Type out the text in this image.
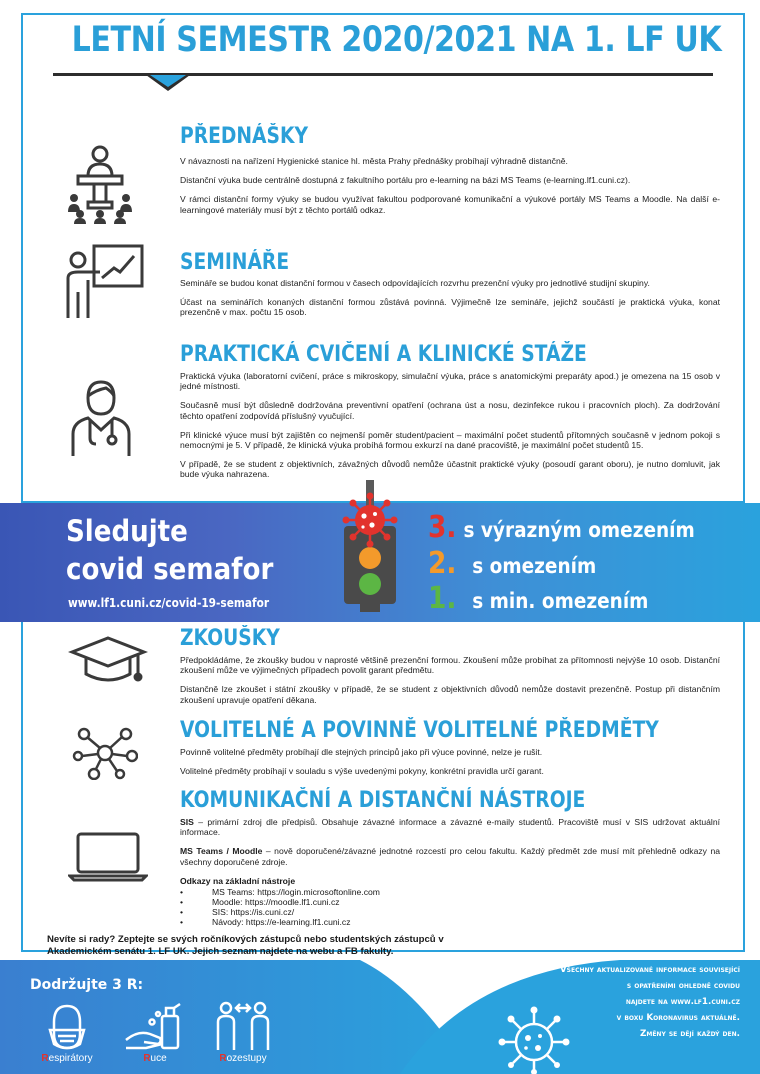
LETNÍ SEMESTR 2020/2021 NA 1. LF UK
PŘEDNÁŠKY

V návaznosti na nařízení Hygienické stanice hl. města Prahy přednášky probíhají výhradně distančně.

Distanční výuka bude centrálně dostupná z fakultního portálu pro e-learning na bázi MS Teams (e-learning.lf1.cuni.cz).

V rámci distanční formy výuky se budou využívat fakultou podporované komunikační a výukové portály MS Teams a Moodle. Na další e-learningové materiály musí být z těchto portálů odkaz.

SEMINÁŘE

Semináře se budou konat distanční formou v časech odpovídajících rozvrhu prezenční výuky pro jednotlivé studijní skupiny.

Účast na seminářích konaných distanční formou zůstává povinná. Výjimečně lze semináře, jejichž součástí je praktická výuka, konat prezenčně v max. počtu 15 osob.

PRAKTICKÁ CVIČENÍ A KLINICKÉ STÁŽE

Praktická výuka (laboratorní cvičení, práce s mikroskopy, simulační výuka, práce s anatomickými preparáty apod.) je omezena na 15 osob v jedné místnosti.

Současně musí být důsledně dodržována preventivní opatření (ochrana úst a nosu, dezinfekce rukou i pracovních ploch). Za dodržování těchto opatření zodpovídá příslušný vyučující.

Při klinické výuce musí být zajištěn co nejmenší poměr student/pacient – maximální počet studentů přítomných současně v jednom pokoji s nemocnými je 5. V případě, že klinická výuka probíhá formou exkurzí na dané pracoviště, je maximální počet studentů 15.

V případě, že se student z objektivních, závažných důvodů nemůže účastnit praktické výuky (posoudí garant oboru), je nutno domluvit, jak bude výuka nahrazena.

Sledujte
covid semafor
www.lf1.cuni.cz/covid-19-semafor
3. s výrazným omezením
2. s omezením
1. s min. omezením
ZKOUŠKY

Předpokládáme, že zkoušky budou v naprosté většině prezenční formou. Zkoušení může probíhat za přítomnosti nejvýše 10 osob. Distanční zkoušení může ve výjimečných případech povolit garant předmětu.

Distančně lze zkoušet i státní zkoušky v případě, že se student z objektivních důvodů nemůže dostavit prezenčně. Postup při distančním zkoušení upravuje opatření děkana.

VOLITELNÉ A POVINNĚ VOLITELNÉ PŘEDMĚTY

Povinně volitelné předměty probíhají dle stejných principů jako při výuce povinné, nelze je rušit.

Volitelné předměty probíhají v souladu s výše uvedenými pokyny, konkrétní pravidla určí garant.

KOMUNIKAČNÍ A DISTANČNÍ NÁSTROJE

SIS – primární zdroj dle předpisů. Obsahuje závazné informace a závazné e-maily studentů. Pracoviště musí v SIS udržovat aktuální informace.

MS Teams / Moodle – nově doporučené/závazné jednotné rozcestí pro celou fakultu. Každý předmět zde musí mít přehledně odkazy na všechny doporučené zdroje.

Odkazy na základní nástroje
• MS Teams: https://login.microsoftonline.com
• Moodle: https://moodle.lf1.cuni.cz
• SIS: https://is.cuni.cz/
• Návody: https://e-learning.lf1.cuni.cz
Nevíte si rady? Zeptejte se svých ročníkových zástupců nebo studentských zástupců v Akademickém senátu 1. LF UK. Jejich seznam najdete na webu a FB fakulty.
Dodržujte 3 R:
Respirátory	Ruce	Rozestupy
Všechny aktualizované informace související
s opatřeními ohledně covidu
najdete na www.lf1.cuni.cz
v boxu Koronavirus aktuálně.
Změny se dějí každý den.
